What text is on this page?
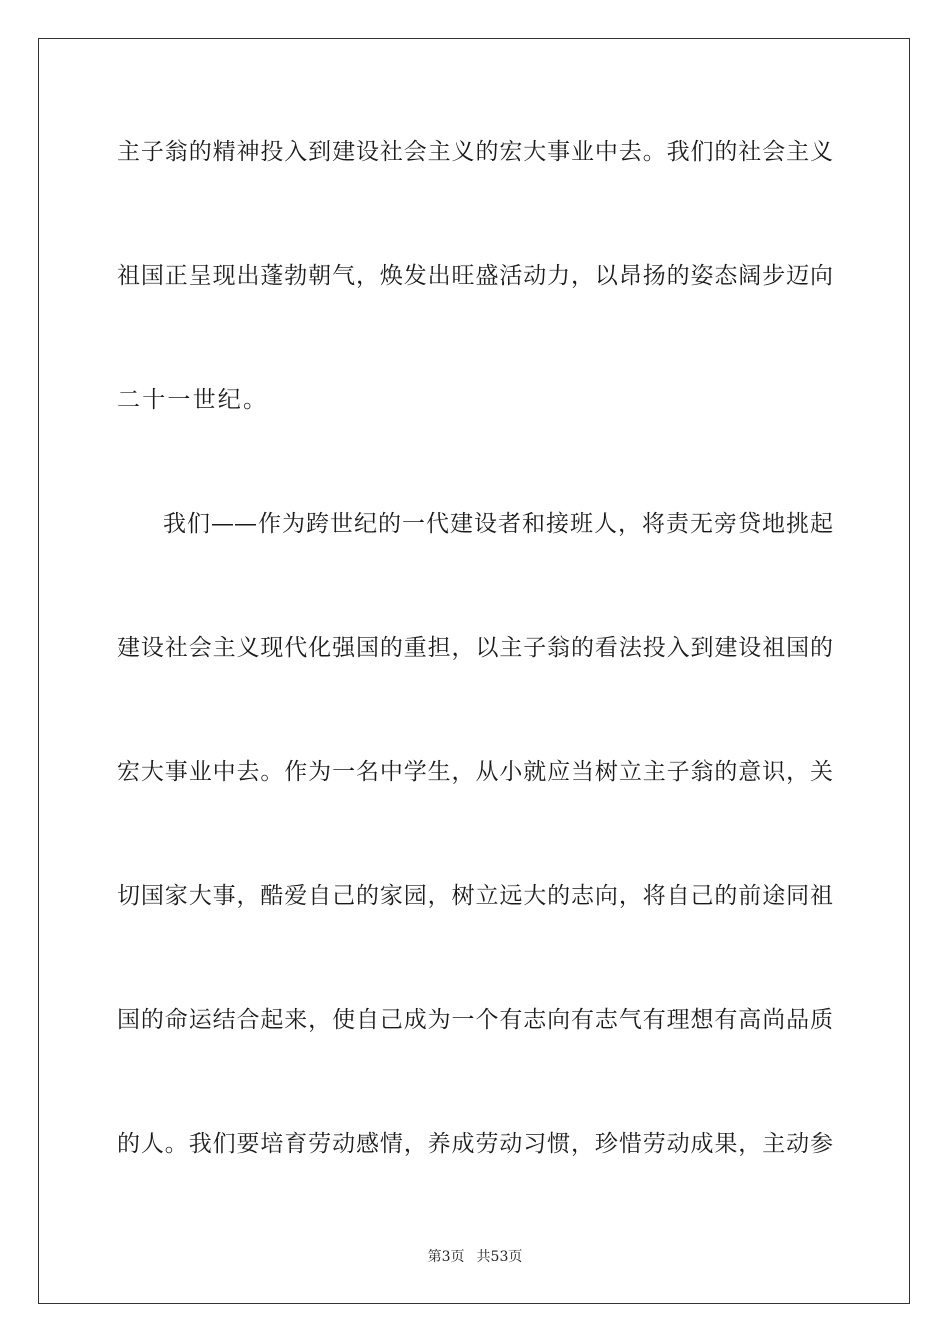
主子翁的精神投入到建设社会主义的宏大事业中去。我们的社会主义
祖国正呈现出蓬勃朝气，焕发出旺盛活动力，以昂扬的姿态阔步迈向
二十一世纪。
我们——作为跨世纪的一代建设者和接班人，将责无旁贷地挑起
建设社会主义现代化强国的重担，以主子翁的看法投入到建设祖国的
宏大事业中去。作为一名中学生，从小就应当树立主子翁的意识，关
切国家大事，酷爱自己的家园，树立远大的志向，将自己的前途同祖
国的命运结合起来，使自己成为一个有志向有志气有理想有高尚品质
的人。我们要培育劳动感情，养成劳动习惯，珍惜劳动成果，主动参
第3页 共53页
